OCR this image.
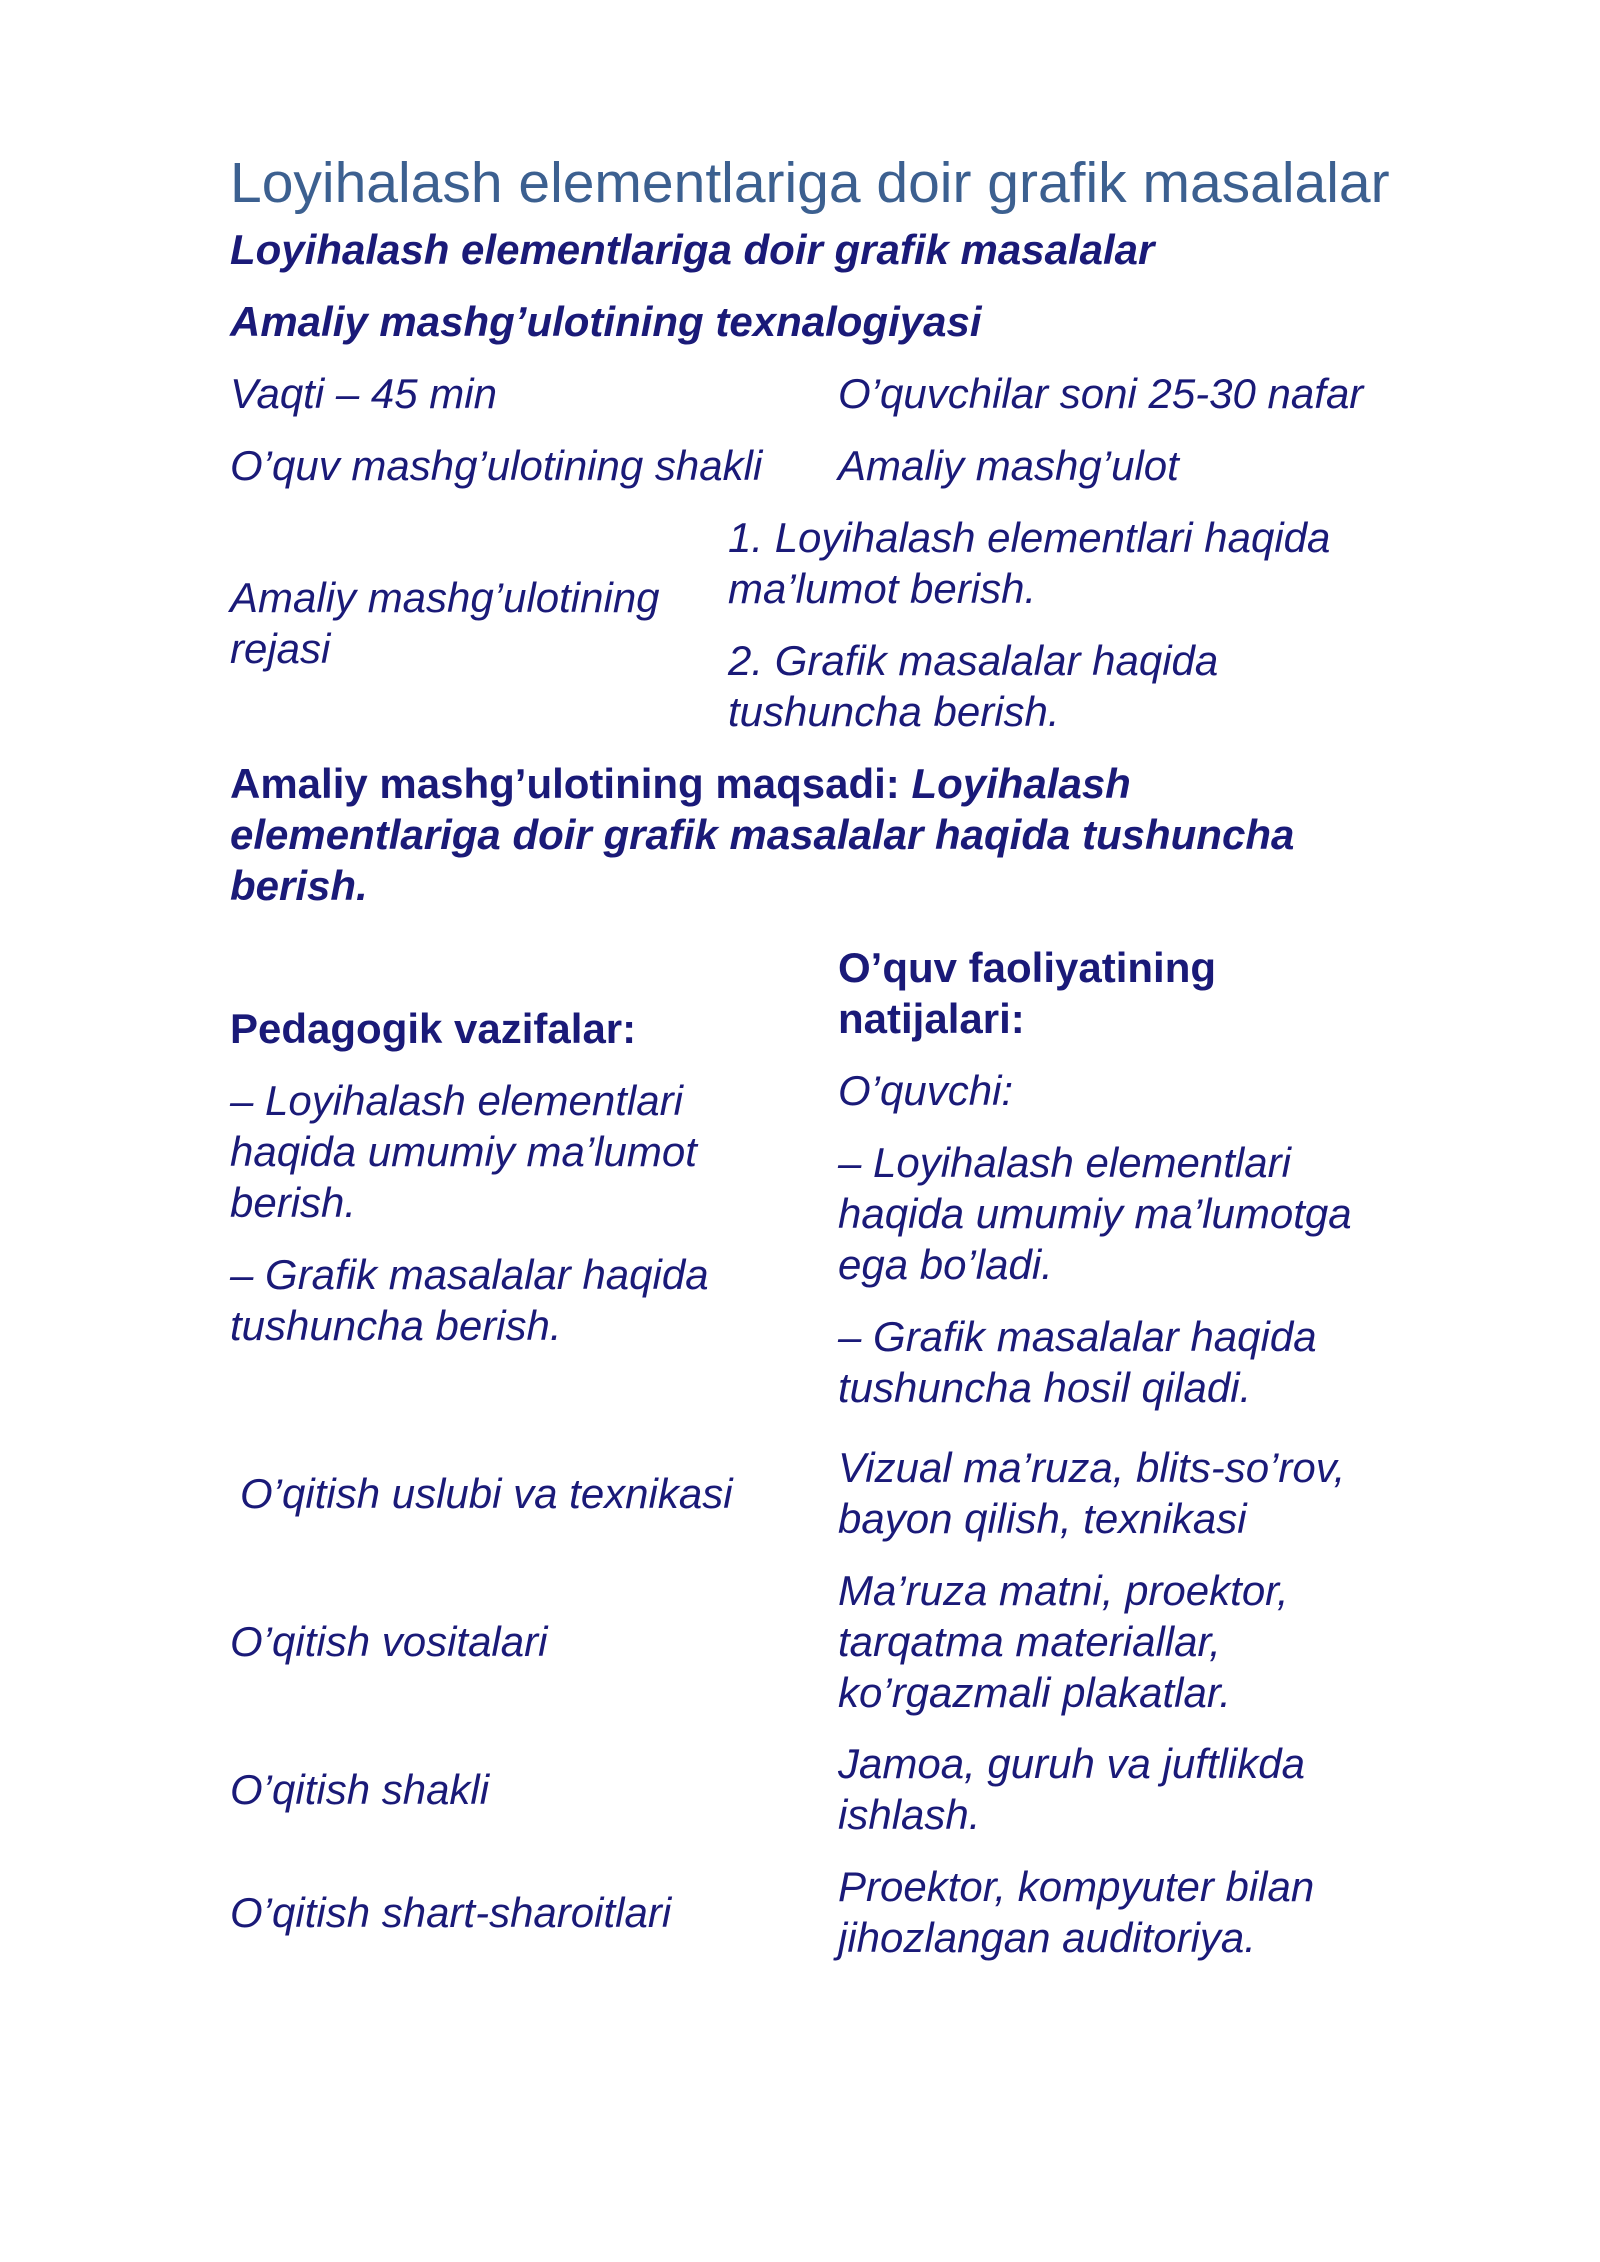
Loyihalash elementlariga doir grafik masalalar

Loyihalash elementlariga doir grafik masalalar

Amaliy mashg’ulotining texnalogiyasi

Vaqti – 45 min	O’quvchilar soni 25-30 nafar

O’quv mashg’ulotining shakli Amaliy mashg’ulot

Amaliy mashg’ulotining rejasi

1. Loyihalash elementlari haqida ma’lumot berish.

2. Grafik masalalar haqida tushuncha berish.

Amaliy mashg’ulotining maqsadi: Loyihalash elementlariga doir grafik masalalar haqida tushuncha berish.

O’quv faoliyatining natijalari:

Pedagogik vazifalar:

O’quvchi:

– Loyihalash elementlari haqida umumiy ma’lumot berish.

– Loyihalash elementlari haqida umumiy ma’lumotga ega bo’ladi.

– Grafik masalalar haqida tushuncha berish.	– Grafik masalalar haqida tushuncha hosil qiladi.

O’qitish uslubi va texnikasi

Vizual ma’ruza, blits-so’rov, bayon qilish, texnikasi

O’qitish vositalari

Ma’ruza matni, proektor, tarqatma materiallar, ko’rgazmali plakatlar.

O’qitish shakli

Jamoa, guruh va juftlikda ishlash.

O’qitish shart-sharoitlari

Proektor, kompyuter bilan jihozlangan auditoriya.
